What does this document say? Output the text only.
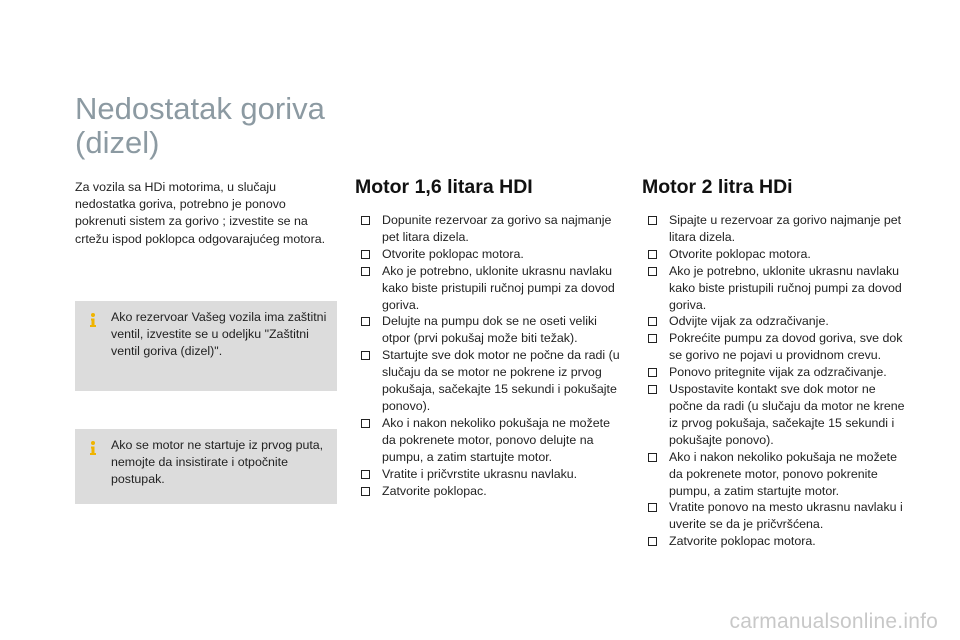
Nedostatak goriva
(dizel)

Za vozila sa HDi motorima, u slučaju nedostatka goriva, potrebno je ponovo pokrenuti sistem za gorivo ; izvestite se na crtežu ispod poklopca odgovarajućeg motora.

Ako rezervoar Vašeg vozila ima zaštitni ventil, izvestite se u odeljku "Zaštitni ventil goriva (dizel)".
Ako se motor ne startuje iz prvog puta, nemojte da insistirate i otpočnite postupak.
Motor 1,6 litara HDI
Dopunite rezervoar za gorivo sa najmanje pet litara dizela.
Otvorite poklopac motora.
Ako je potrebno, uklonite ukrasnu navlaku kako biste pristupili ručnoj pumpi za dovod goriva.
Delujte na pumpu dok se ne oseti veliki otpor (prvi pokušaj može biti težak).
Startujte sve dok motor ne počne da radi (u slučaju da se motor ne pokrene iz prvog pokušaja, sačekajte 15 sekundi i pokušajte ponovo).
Ako i nakon nekoliko pokušaja ne možete da pokrenete motor, ponovo delujte na pumpu, a zatim startujte motor.
Vratite i pričvrstite ukrasnu navlaku.
Zatvorite poklopac.
Motor 2 litra HDi
Sipajte u rezervoar za gorivo najmanje pet litara dizela.
Otvorite poklopac motora.
Ako je potrebno, uklonite ukrasnu navlaku kako biste pristupili ručnoj pumpi za dovod goriva.
Odvijte vijak za odzračivanje.
Pokrećite pumpu za dovod goriva, sve dok se gorivo ne pojavi u providnom crevu.
Ponovo pritegnite vijak za odzračivanje.
Uspostavite kontakt sve dok motor ne počne da radi (u slučaju da motor ne krene iz prvog pokušaja, sačekajte 15 sekundi i pokušajte ponovo).
Ako i nakon nekoliko pokušaja ne možete da pokrenete motor, ponovo pokrenite pumpu, a zatim startujte motor.
Vratite ponovo na mesto ukrasnu navlaku i uverite se da je pričvršćena.
Zatvorite poklopac motora.
carmanualsonline.info
